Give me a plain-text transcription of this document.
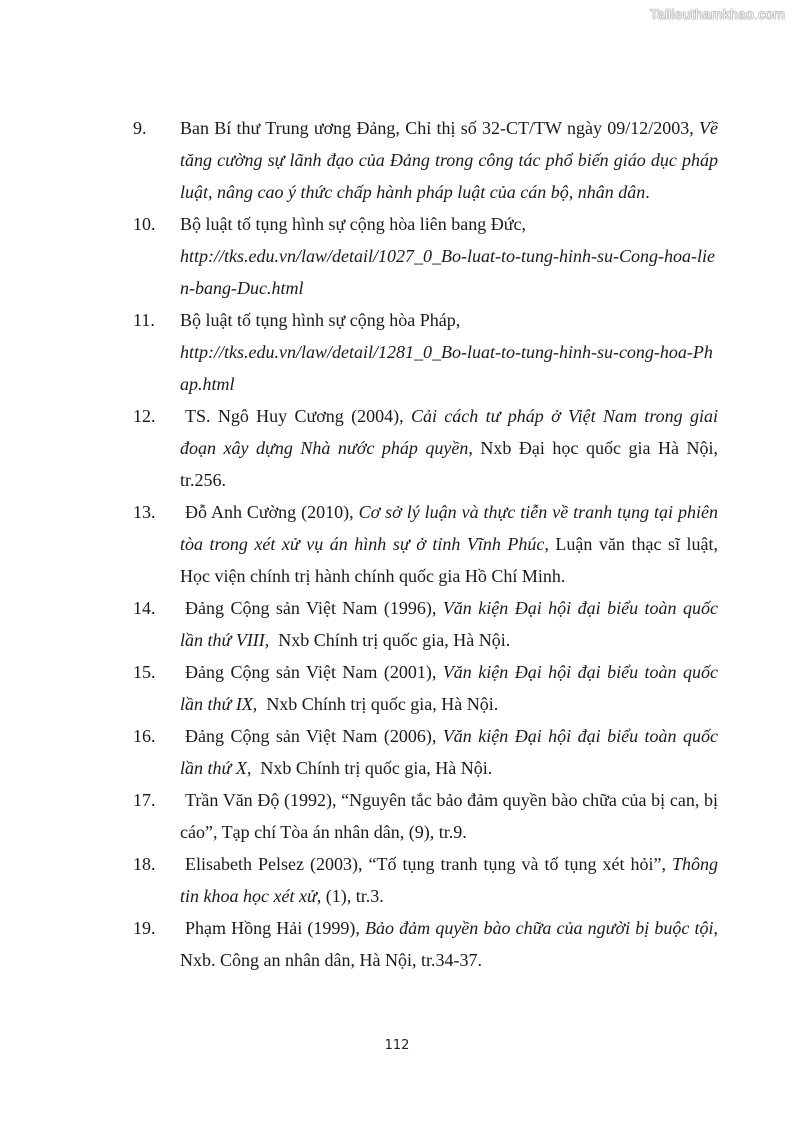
Tailieuthamkhao.com
9. Ban Bí thư Trung ương Đảng, Chỉ thị số 32-CT/TW ngày 09/12/2003, Về tăng cường sự lãnh đạo của Đảng trong công tác phổ biến giáo dục pháp luật, nâng cao ý thức chấp hành pháp luật của cán bộ, nhân dân.
10. Bộ luật tố tụng hình sự cộng hòa liên bang Đức,
http://tks.edu.vn/law/detail/1027_0_Bo-luat-to-tung-hinh-su-Cong-hoa-lien-bang-Duc.html
11. Bộ luật tố tụng hình sự cộng hòa Pháp,
http://tks.edu.vn/law/detail/1281_0_Bo-luat-to-tung-hinh-su-cong-hoa-Phap.html
12. TS. Ngô Huy Cương (2004), Cải cách tư pháp ở Việt Nam trong giai đoạn xây dựng Nhà nước pháp quyền, Nxb Đại học quốc gia Hà Nội, tr.256.
13. Đỗ Anh Cường (2010), Cơ sở lý luận và thực tiễn về tranh tụng tại phiên tòa trong xét xử vụ án hình sự ở tỉnh Vĩnh Phúc, Luận văn thạc sĩ luật, Học viện chính trị hành chính quốc gia Hồ Chí Minh.
14. Đảng Cộng sản Việt Nam (1996), Văn kiện Đại hội đại biểu toàn quốc lần thứ VIII,  Nxb Chính trị quốc gia, Hà Nội.
15. Đảng Cộng sản Việt Nam (2001), Văn kiện Đại hội đại biểu toàn quốc lần thứ IX,  Nxb Chính trị quốc gia, Hà Nội.
16. Đảng Cộng sản Việt Nam (2006), Văn kiện Đại hội đại biểu toàn quốc lần thứ X,  Nxb Chính trị quốc gia, Hà Nội.
17. Trần Văn Độ (1992), “Nguyên tắc bảo đảm quyền bào chữa của bị can, bị cáo”, Tạp chí Tòa án nhân dân, (9), tr.9.
18. Elisabeth Pelsez (2003), “Tố tụng tranh tụng và tố tụng xét hỏi”, Thông tin khoa học xét xử, (1), tr.3.
19. Phạm Hồng Hải (1999), Bảo đảm quyền bào chữa của người bị buộc tội, Nxb. Công an nhân dân, Hà Nội, tr.34-37.
112
